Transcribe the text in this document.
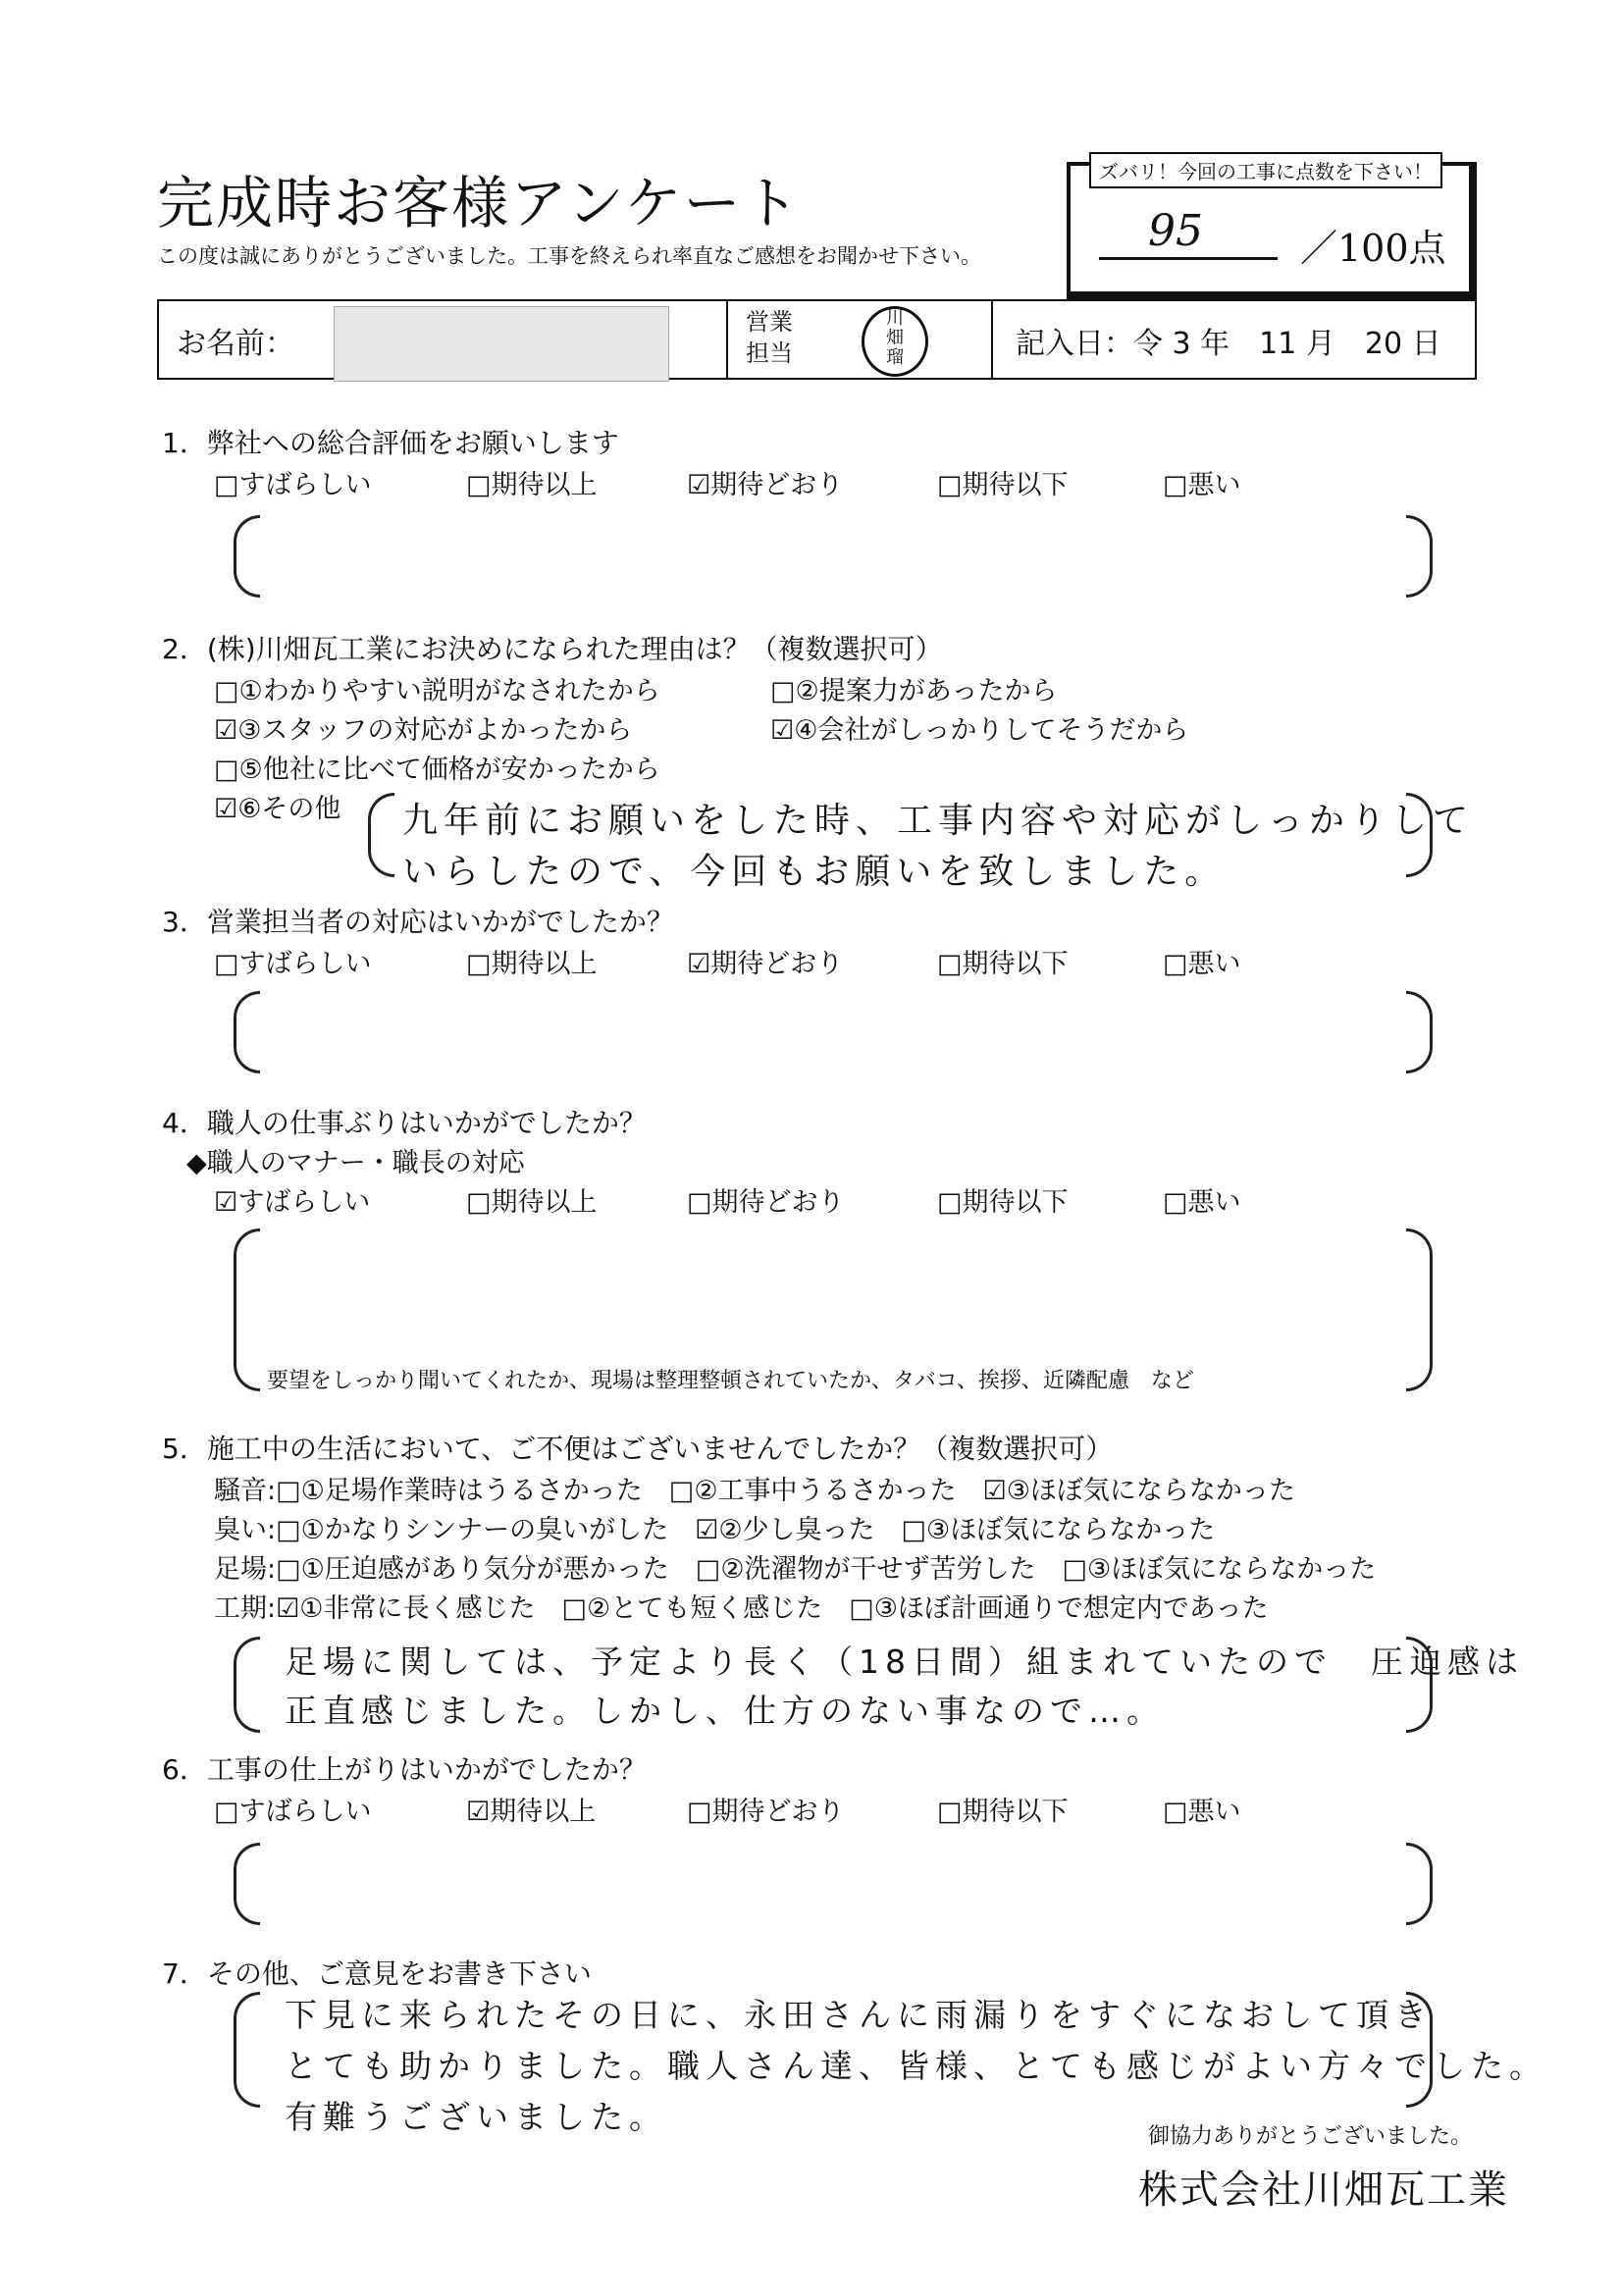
完成時お客様アンケート
この度は誠にありがとうございました。工事を終えられ率直なご感想をお聞かせ下さい。
ズバリ！今回の工事に点数を下さい！
95	／100点
お名前：
営業
担当
川
畑
瑠	記入日：令 3 年　11 月　20 日
1．弊社への総合評価をお願いします
□すばらしい	□期待以上	☑期待どおり	□期待以下	□悪い
2．(株)川畑瓦工業にお決めになられた理由は？（複数選択可）
□①わかりやすい説明がなされたから	□②提案力があったから
☑③スタッフの対応がよかったから	☑④会社がしっかりしてそうだから
□⑤他社に比べて価格が安かったから
☑⑥その他 九年前にお願いをした時、工事内容や対応がしっかりして
いらしたので、今回もお願いを致しました。
3．営業担当者の対応はいかがでしたか？
□すばらしい	□期待以上	☑期待どおり	□期待以下	□悪い
4．職人の仕事ぶりはいかがでしたか？
◆職人のマナー・職長の対応
☑すばらしい	□期待以上	□期待どおり	□期待以下	□悪い
要望をしっかり聞いてくれたか、現場は整理整頓されていたか、タバコ、挨拶、近隣配慮　など
5．施工中の生活において、ご不便はございませんでしたか？（複数選択可）
騒音:□①足場作業時はうるさかった　□②工事中うるさかった　☑③ほぼ気にならなかった
臭い:□①かなりシンナーの臭いがした　☑②少し臭った　□③ほぼ気にならなかった
足場:□①圧迫感があり気分が悪かった　□②洗濯物が干せず苦労した　□③ほぼ気にならなかった
工期:☑①非常に長く感じた　□②とても短く感じた　□③ほぼ計画通りで想定内であった
足場に関しては、予定より長く（18日間）組まれていたので　圧迫感は
正直感じました。しかし、仕方のない事なので…。
6．工事の仕上がりはいかがでしたか？
□すばらしい	☑期待以上	□期待どおり	□期待以下	□悪い
7．その他、ご意見をお書き下さい
下見に来られたその日に、永田さんに雨漏りをすぐになおして頂き
とても助かりました。職人さん達、皆様、とても感じがよい方々でした。
有難うございました。
御協力ありがとうございました。
株式会社川畑瓦工業
